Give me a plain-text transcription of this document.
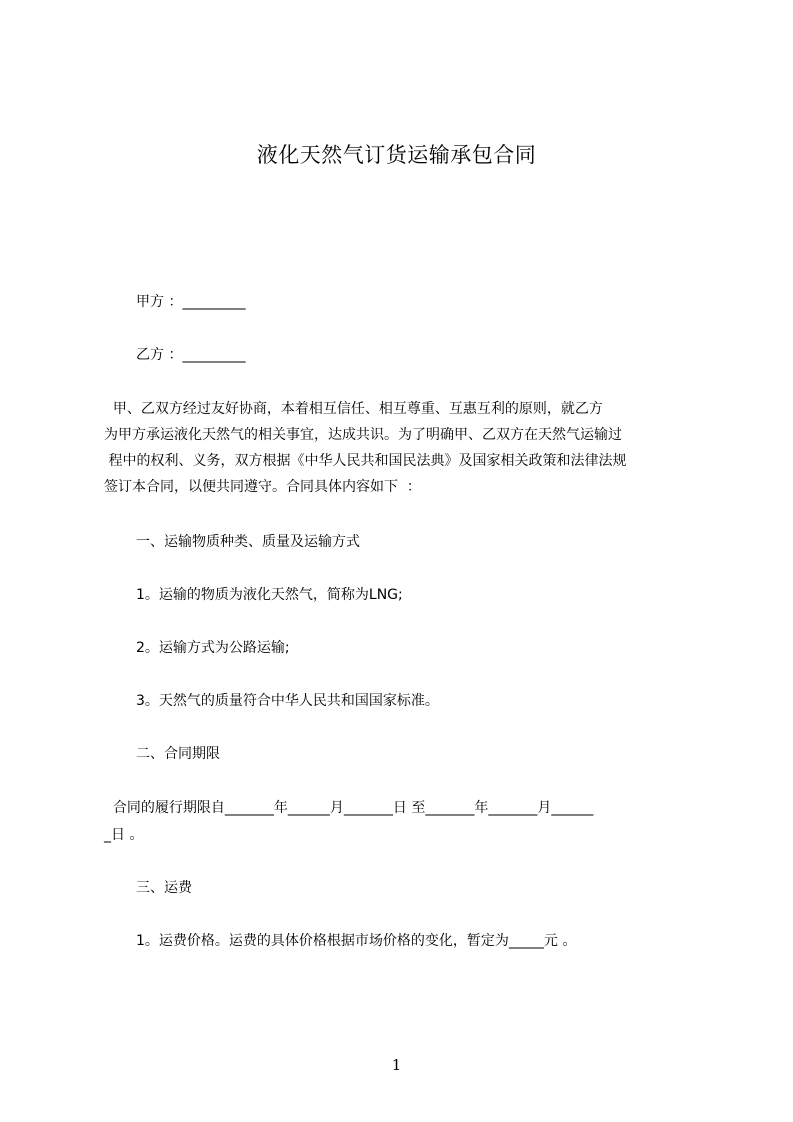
液化天然气订货运输承包合同
甲方 ：_________
乙方 ：_________
甲、乙双方经过友好协商，本着相互信任、相互尊重、互惠互利的原则，就乙方
为甲方承运液化天然气的相关事宜，达成共识。为了明确甲、乙双方在天然气运输过
程中的权利、义务，双方根据《中华人民共和国民法典》及国家相关政策和法律法规
签订本合同，以便共同遵守。合同具体内容如下  ：
一、运输物质种类、质量及运输方式
1。运输的物质为液化天然气，简称为LNG;
2。运输方式为公路运输;
3。天然气的质量符合中华人民共和国国家标准。
二、合同期限
合同的履行期限自_______年______月_______日 至_______年_______月______
_日 。
三、运费
1。运费价格。运费的具体价格根据市场价格的变化，暂定为_____元 。
1
